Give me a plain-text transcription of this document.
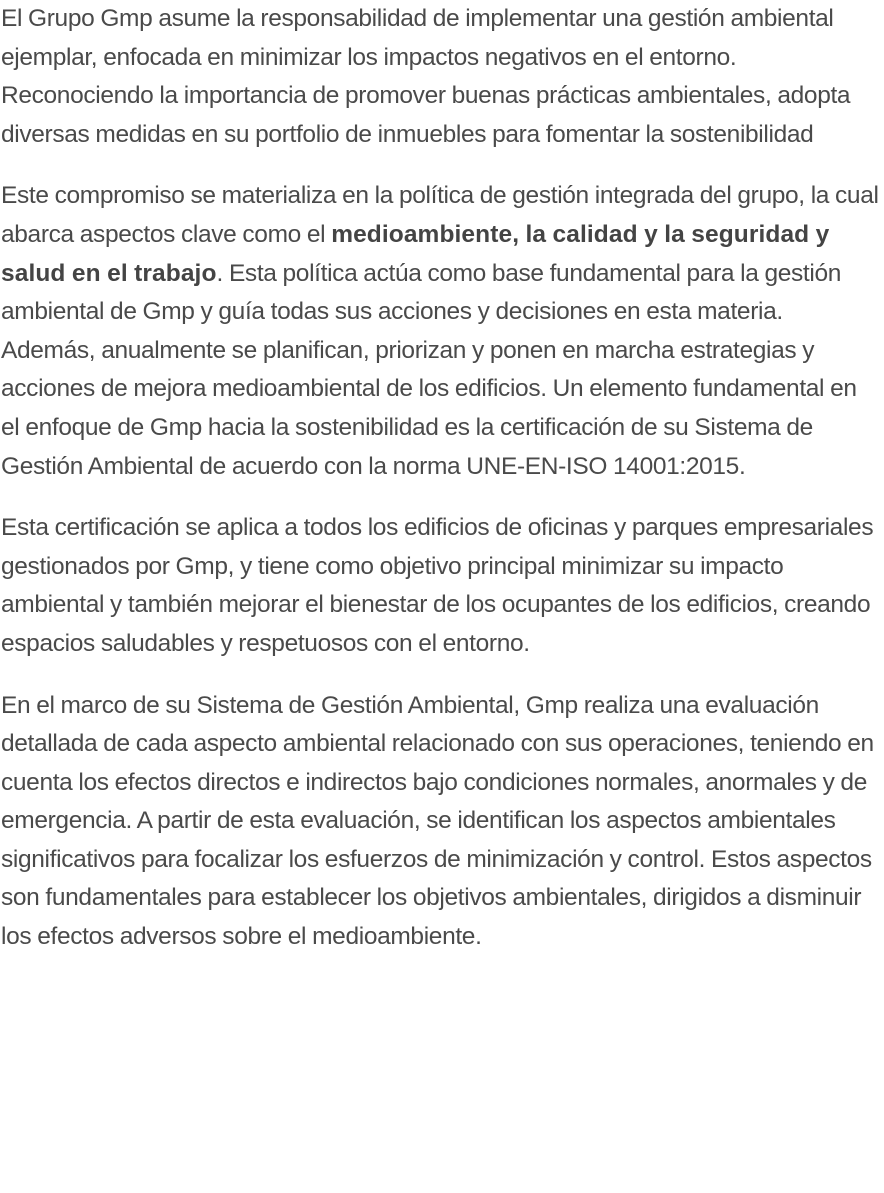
El Grupo Gmp asume la responsabilidad de implementar una gestión ambiental ejemplar, enfocada en minimizar los impactos negativos en el entorno. Reconociendo la importancia de promover buenas prácticas ambientales, adopta diversas medidas en su portfolio de inmuebles para fomentar la sostenibilidad

Este compromiso se materializa en la política de gestión integrada del grupo, la cual abarca aspectos clave como el medioambiente, la calidad y la seguridad y salud en el trabajo. Esta política actúa como base fundamental para la gestión ambiental de Gmp y guía todas sus acciones y decisiones en esta materia. Además, anualmente se planifican, priorizan y ponen en marcha estrategias y acciones de mejora medioambiental de los edificios. Un elemento fundamental en el enfoque de Gmp hacia la sostenibilidad es la certificación de su Sistema de Gestión Ambiental de acuerdo con la norma UNE-EN-ISO 14001:2015.

Esta certificación se aplica a todos los edificios de oficinas y parques empresariales gestionados por Gmp, y tiene como objetivo principal minimizar su impacto ambiental y también mejorar el bienestar de los ocupantes de los edificios, creando espacios saludables y respetuosos con el entorno.

En el marco de su Sistema de Gestión Ambiental, Gmp realiza una evaluación detallada de cada aspecto ambiental relacionado con sus operaciones, teniendo en cuenta los efectos directos e indirectos bajo condiciones normales, anormales y de emergencia. A partir de esta evaluación, se identifican los aspectos ambientales significativos para focalizar los esfuerzos de minimización y control. Estos aspectos son fundamentales para establecer los objetivos ambientales, dirigidos a disminuir los efectos adversos sobre el medioambiente.
